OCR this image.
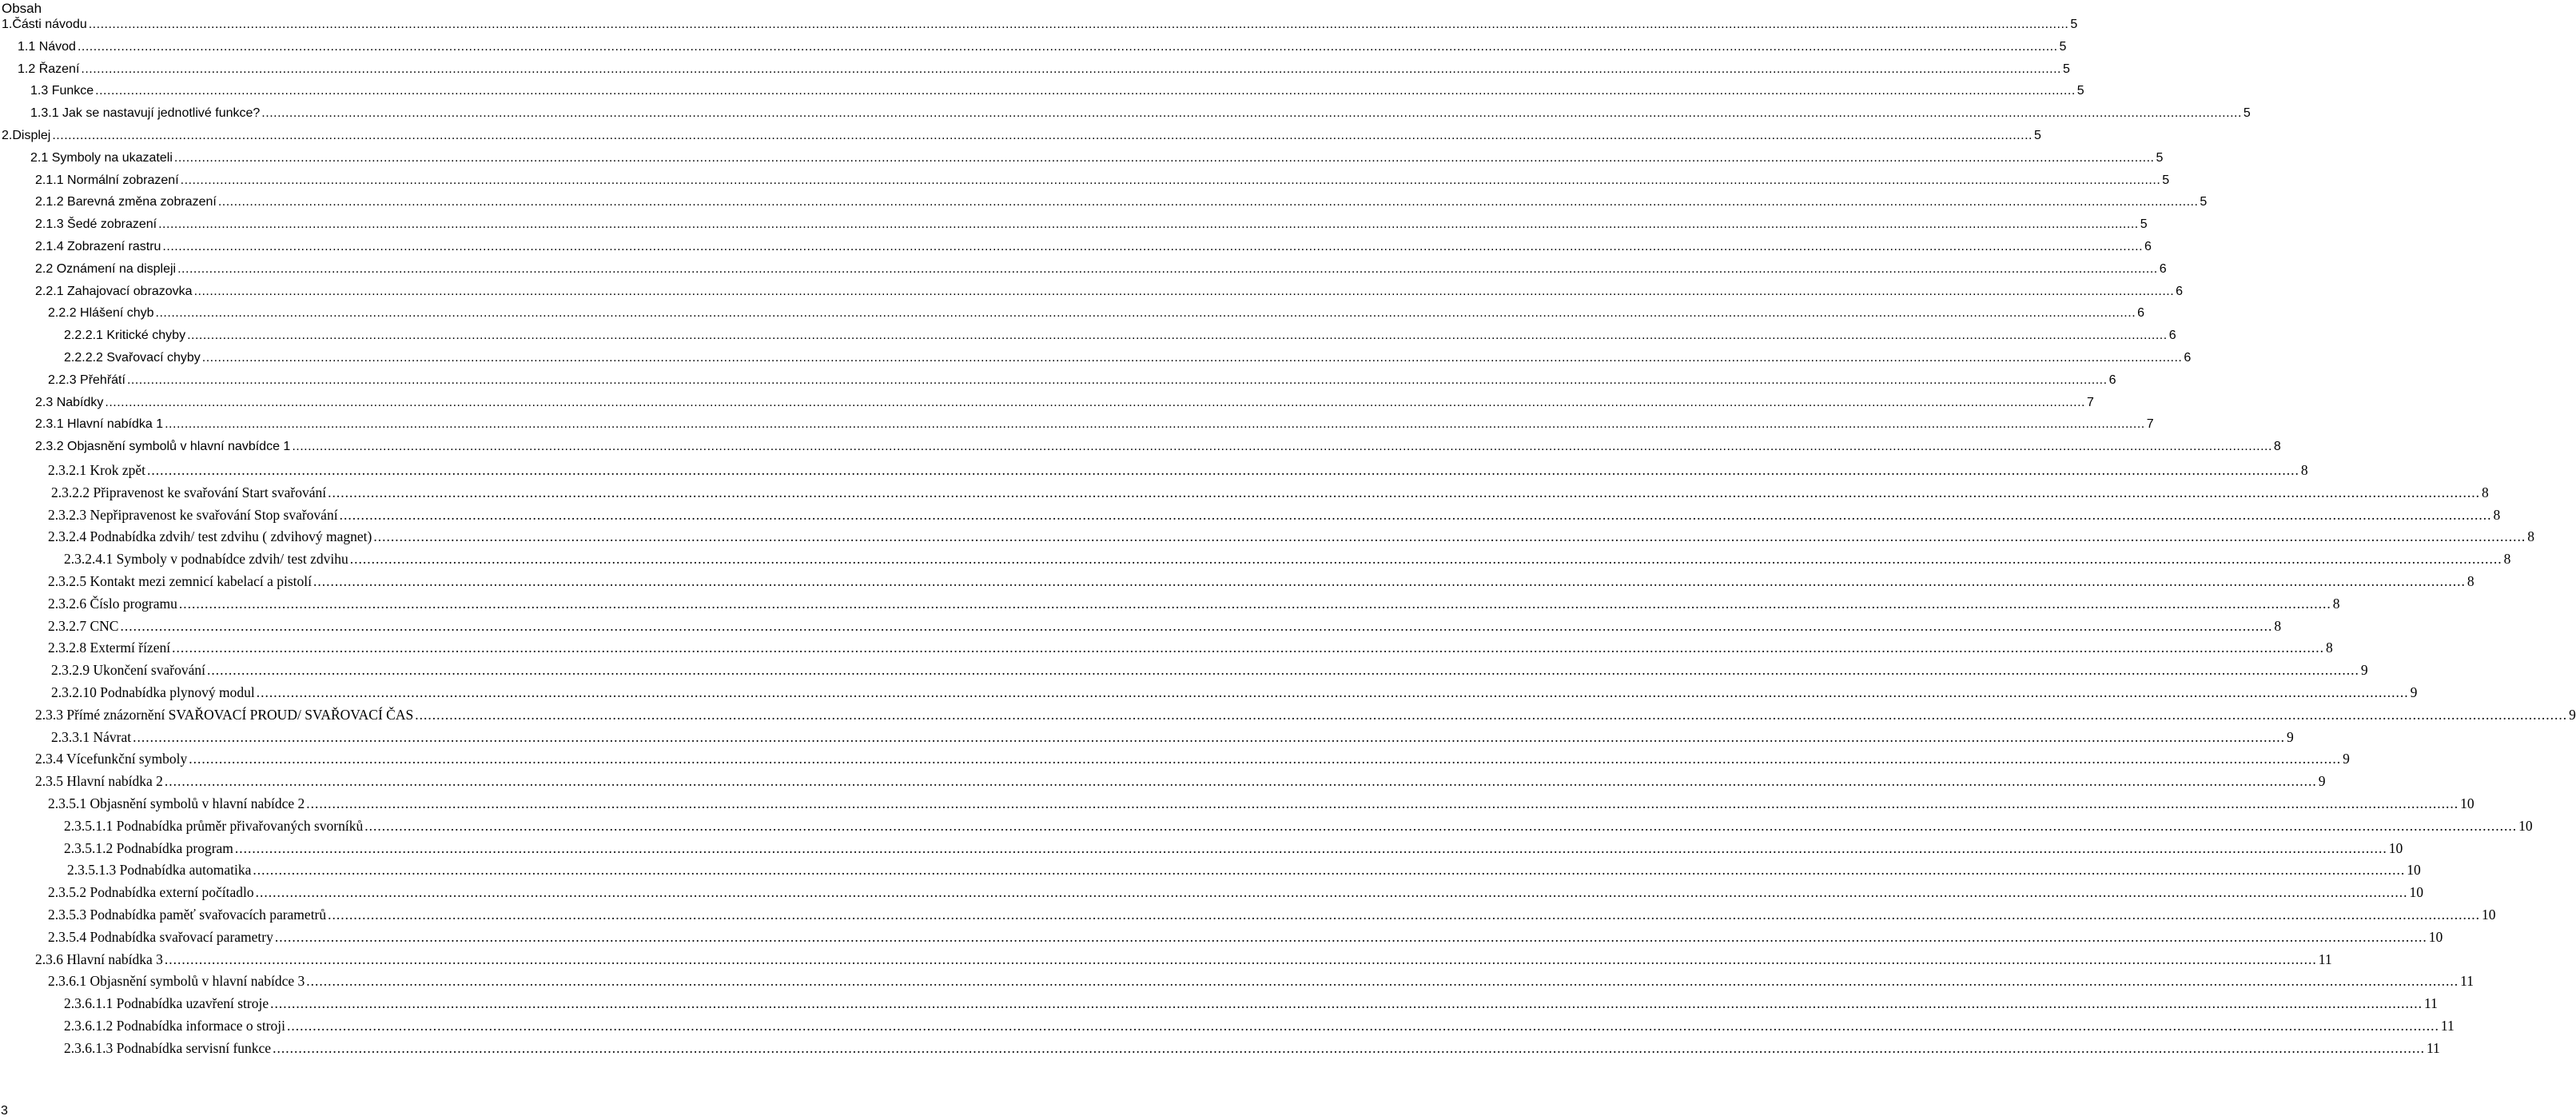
Obsah
1.Části návodu .....	5
1.1 Návod .....	5
1.2 Řazení .....	5
1.3 Funkce .....	5
1.3.1 Jak se nastavují jednotlivé funkce? .....	5
2.Displej .....	5
2.1 Symboly na ukazateli .....	5
2.1.1 Normální zobrazení .....	5
2.1.2 Barevná změna zobrazení .....	5
2.1.3 Šedé zobrazení .....	5
2.1.4 Zobrazení rastru .....	6
2.2 Oznámení na displeji .....	6
2.2.1 Zahajovací obrazovka .....	6
2.2.2 Hlášení chyb .....	6
2.2.2.1 Kritické chyby .....	6
2.2.2.2 Svařovací chyby .....	6
2.2.3 Přehřátí .....	6
2.3 Nabídky .....	7
2.3.1 Hlavní nabídka 1 .....	7
2.3.2 Objasnění symbolů v hlavní navbídce 1 .....	8
2.3.2.1 Krok zpět .....	8
2.3.2.2 Připravenost ke svařování Start svařování .....	8
2.3.2.3 Nepřipravenost ke svařování Stop svařování .....	8
2.3.2.4 Podnabídka zdvih/ test zdvihu ( zdvihový magnet) .....	8
2.3.2.4.1 Symboly v podnabídce zdvih/ test zdvihu .....	8
2.3.2.5 Kontakt mezi zemnicí kabelací a pistolí .....	8
2.3.2.6 Číslo programu .....	8
2.3.2.7 CNC .....	8
2.3.2.8 Extermí řízení .....	8
2.3.2.9 Ukončení svařování .....	9
2.3.2.10 Podnabídka plynový modul .....	9
2.3.3 Přímé znázornění SVAŘOVACÍ PROUD/ SVAŘOVACÍ ČAS .....	9
2.3.3.1 Návrat .....	9
2.3.4 Vícefunkční symboly .....	9
2.3.5 Hlavní nabídka 2 .....	9
2.3.5.1 Objasnění symbolů v hlavní nabídce 2 .....	10
2.3.5.1.1 Podnabídka průměr přivařovaných svorníků .....	10
2.3.5.1.2 Podnabídka program .....	10
2.3.5.1.3 Podnabídka automatika .....	10
2.3.5.2 Podnabídka externí počítadlo .....	10
2.3.5.3 Podnabídka paměť svařovacích parametrů .....	10
2.3.5.4 Podnabídka svařovací parametry .....	10
2.3.6 Hlavní nabídka 3 .....	11
2.3.6.1 Objasnění symbolů v hlavní nabídce 3 .....	11
2.3.6.1.1 Podnabídka uzavření stroje .....	11
2.3.6.1.2 Podnabídka informace o stroji .....	11
2.3.6.1.3 Podnabídka servisní funkce .....	11
3
